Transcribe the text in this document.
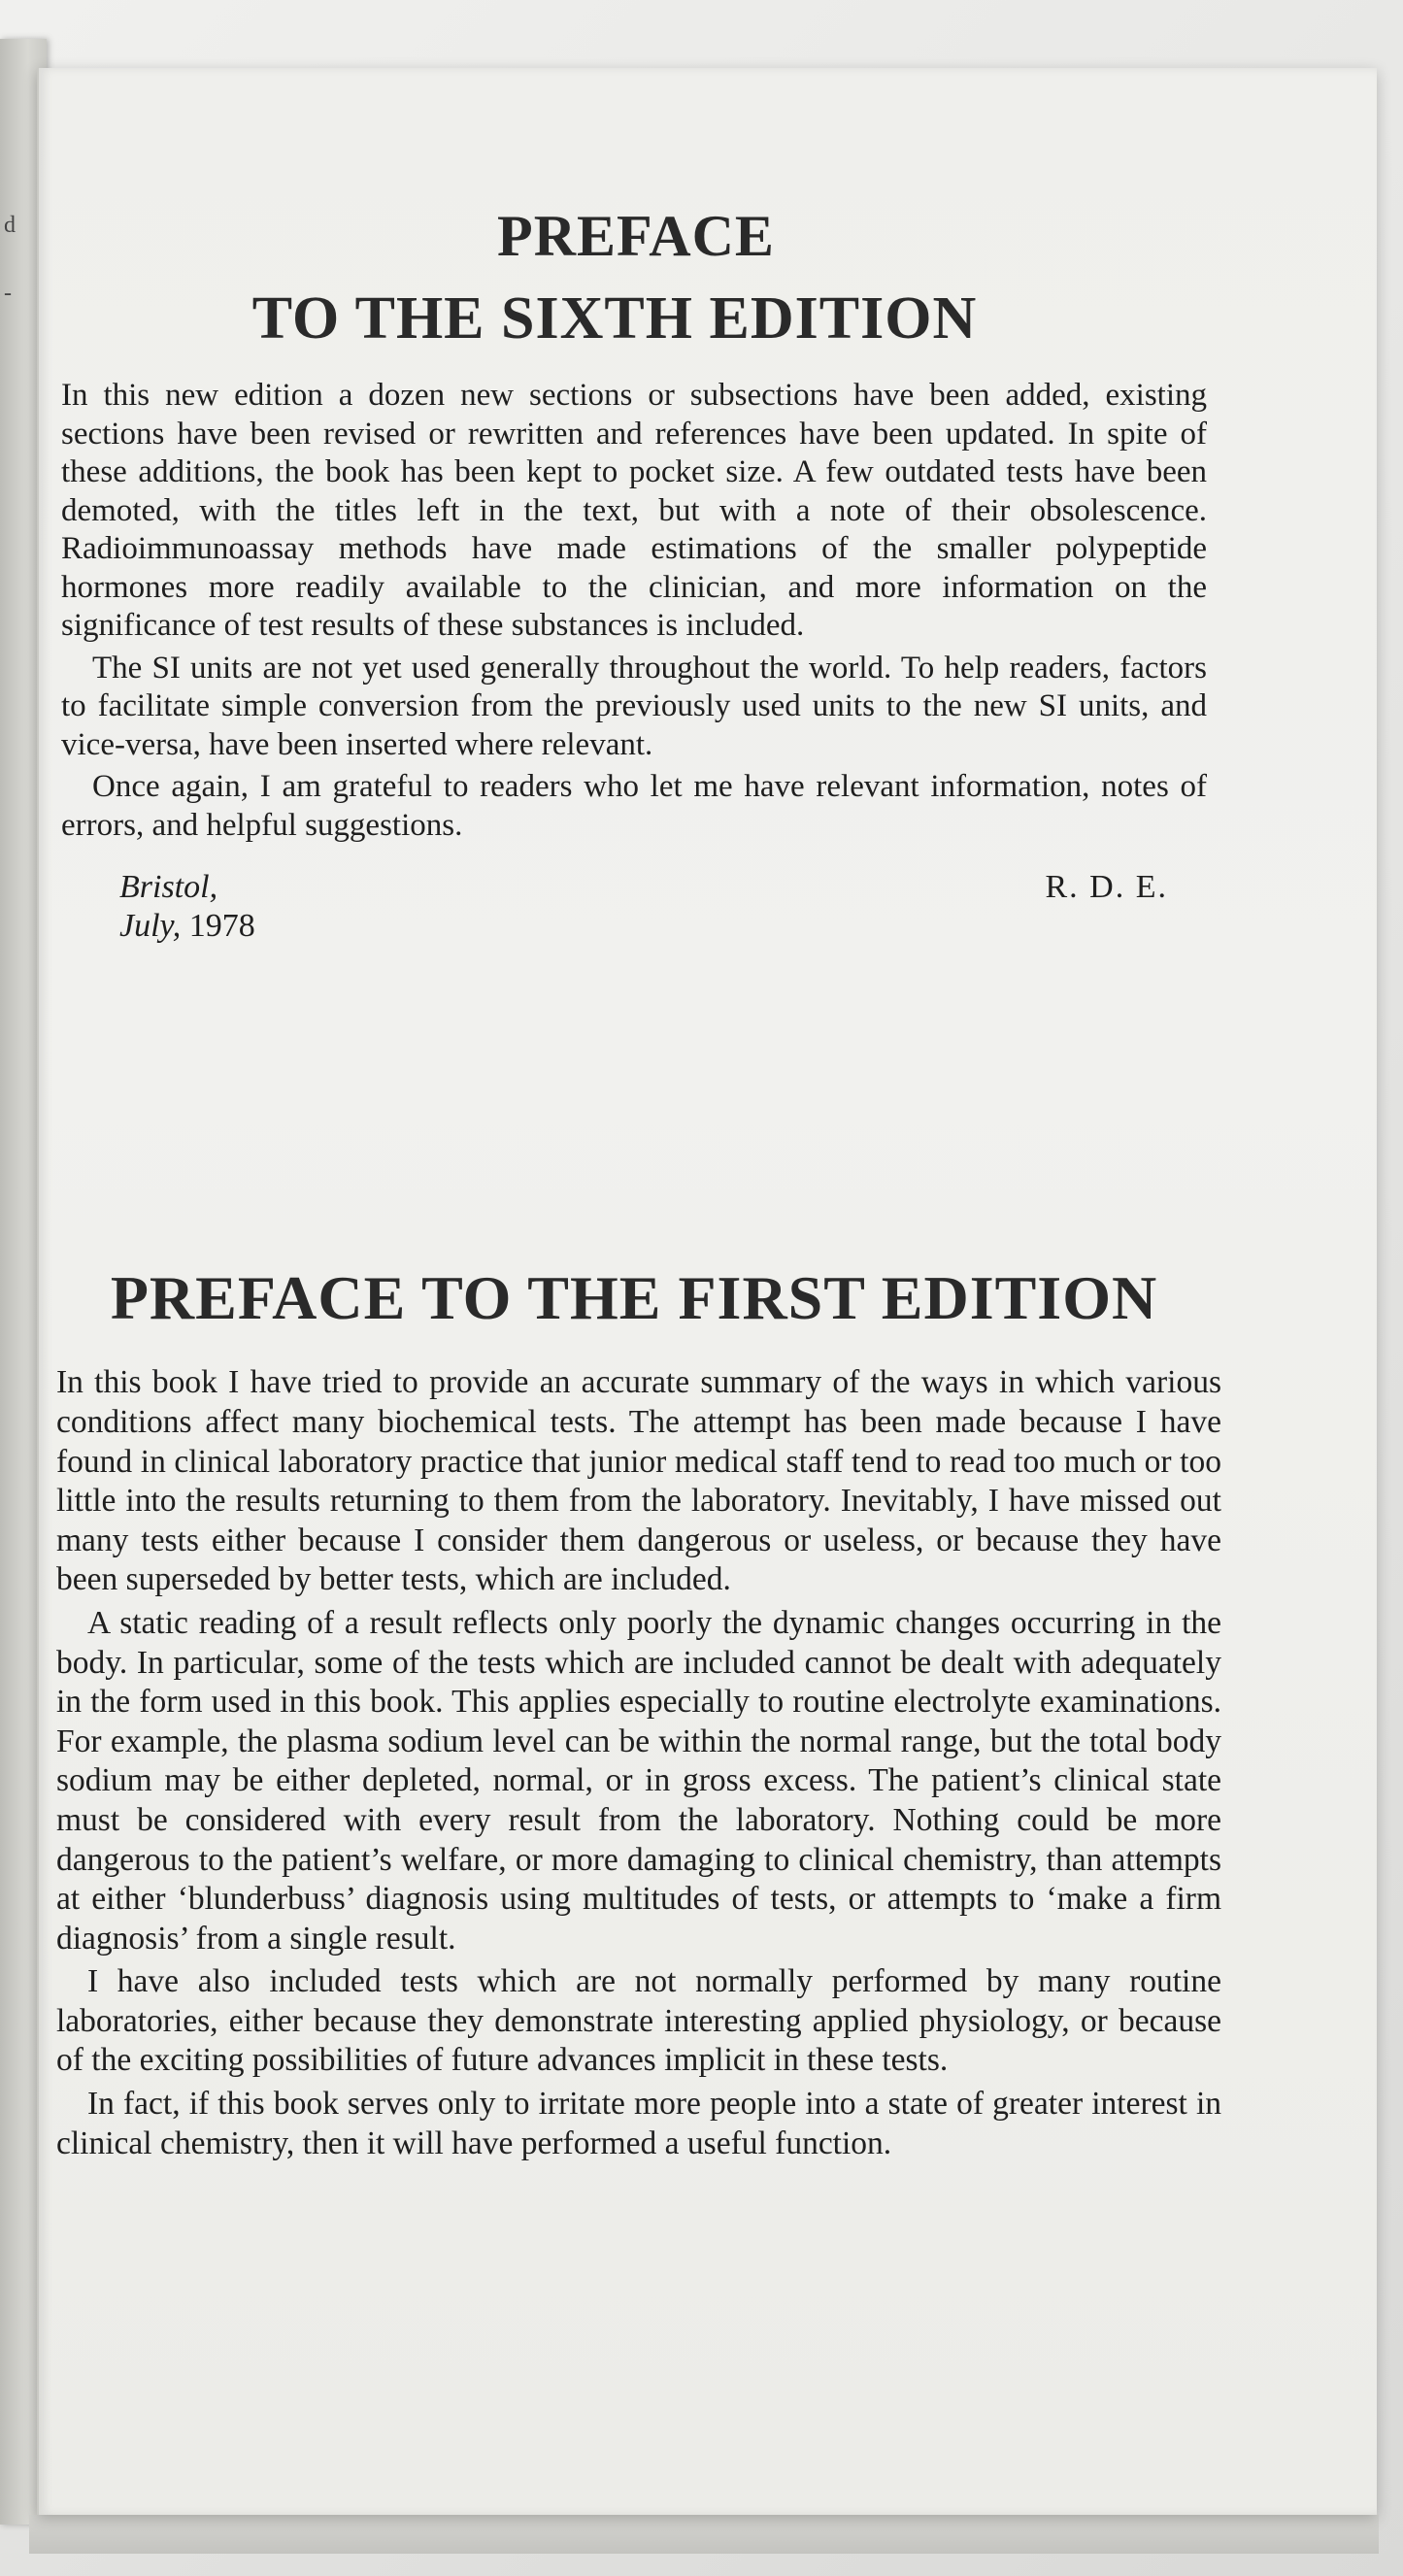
d
-
PREFACE
TO THE SIXTH EDITION

In this new edition a dozen new sections or subsections have been added, existing sections have been revised or rewritten and references have been updated. In spite of these additions, the book has been kept to pocket size. A few outdated tests have been demoted, with the titles left in the text, but with a note of their obsolescence. Radioimmunoassay methods have made estimations of the smaller polypeptide hormones more readily available to the clinician, and more information on the significance of test results of these substances is included.

The SI units are not yet used generally throughout the world. To help readers, factors to facilitate simple conversion from the previously used units to the new SI units, and vice-versa, have been inserted where relevant.

Once again, I am grateful to readers who let me have relevant information, notes of errors, and helpful suggestions.

Bristol,
July, 1978
R. D. E.
PREFACE TO THE FIRST EDITION

In this book I have tried to provide an accurate summary of the ways in which various conditions affect many biochemical tests. The attempt has been made because I have found in clinical laboratory practice that junior medical staff tend to read too much or too little into the results returning to them from the laboratory. Inevitably, I have missed out many tests either because I consider them dangerous or useless, or because they have been superseded by better tests, which are included.

A static reading of a result reflects only poorly the dynamic changes occurring in the body. In particular, some of the tests which are included cannot be dealt with adequately in the form used in this book. This applies especially to routine electrolyte examinations. For example, the plasma sodium level can be within the normal range, but the total body sodium may be either depleted, normal, or in gross excess. The patient’s clinical state must be considered with every result from the laboratory. Nothing could be more dangerous to the patient’s welfare, or more damaging to clinical chemistry, than attempts at either ‘blunderbuss’ diagnosis using multitudes of tests, or attempts to ‘make a firm diagnosis’ from a single result.

I have also included tests which are not normally performed by many routine laboratories, either because they demonstrate interesting applied physiology, or because of the exciting possibilities of future advances implicit in these tests.

In fact, if this book serves only to irritate more people into a state of greater interest in clinical chemistry, then it will have performed a useful function.
